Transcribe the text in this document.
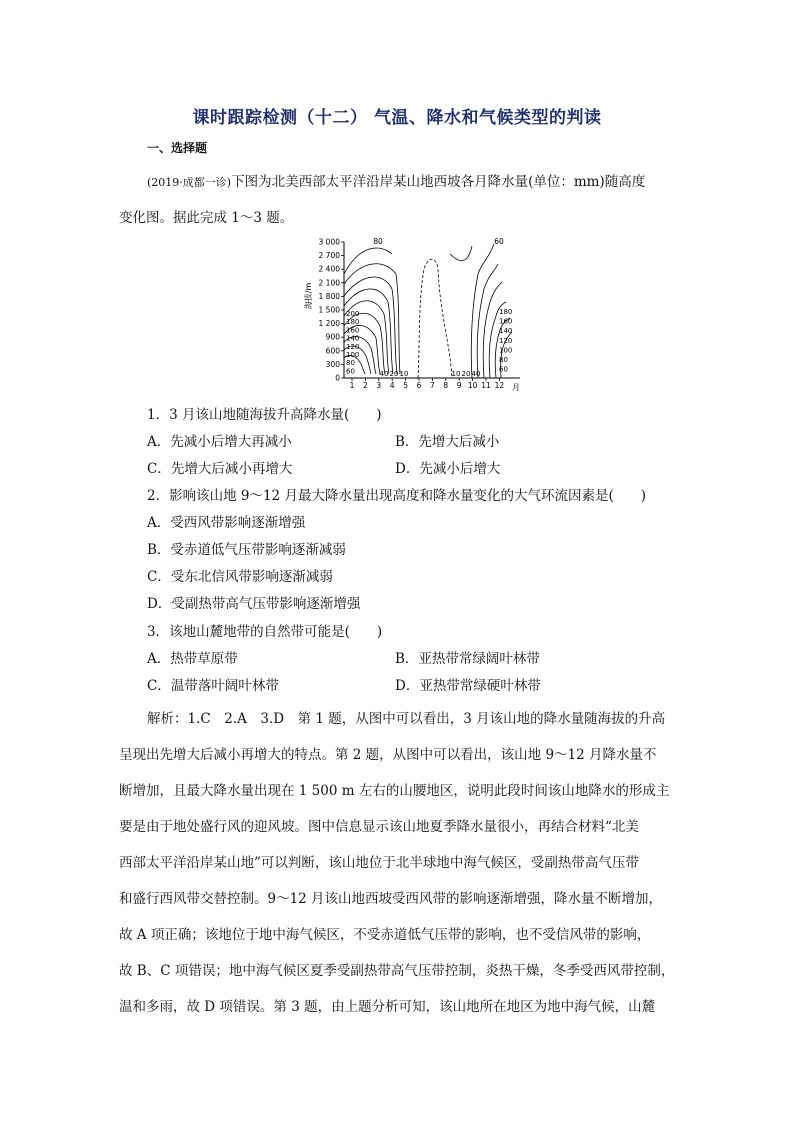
课时跟踪检测（十二） 气温、降水和气候类型的判读
一、选择题
(2019·成都一诊)下图为北美西部太平洋沿岸某山地西坡各月降水量(单位：mm)随高度
变化图。据此完成 1～3 题。
3 000
2 700
2 400
2 100
1 800
1 500
1 200
900
600
300
0
1 2 3 4 5 6 7 8 9 10 11 12
海拔/m
月
200
180
160
140
120
100
80
60
180
160
140
120
100
80
60
40 20 10	10 20 40
80	60
1．3 月该山地随海拔升高降水量(　　)
A．先减小后增大再减小	B．先增大后减小
C．先增大后减小再增大	D．先减小后增大
2．影响该山地 9～12 月最大降水量出现高度和降水量变化的大气环流因素是(　　)
A．受西风带影响逐渐增强
B．受赤道低气压带影响逐渐减弱
C．受东北信风带影响逐渐减弱
D．受副热带高气压带影响逐渐增强
3．该地山麓地带的自然带可能是(　　)
A．热带草原带	B．亚热带常绿阔叶林带
C．温带落叶阔叶林带	D．亚热带常绿硬叶林带
解析：1.C　2.A　3.D　第 1 题，从图中可以看出，3 月该山地的降水量随海拔的升高
呈现出先增大后减小再增大的特点。第 2 题，从图中可以看出，该山地 9～12 月降水量不
断增加，且最大降水量出现在 1 500 m 左右的山腰地区，说明此段时间该山地降水的形成主
要是由于地处盛行风的迎风坡。图中信息显示该山地夏季降水量很小，再结合材料“北美
西部太平洋沿岸某山地”可以判断，该山地位于北半球地中海气候区，受副热带高气压带
和盛行西风带交替控制。9～12 月该山地西坡受西风带的影响逐渐增强，降水量不断增加，
故 A 项正确；该地位于地中海气候区，不受赤道低气压带的影响，也不受信风带的影响，
故 B、C 项错误；地中海气候区夏季受副热带高气压带控制，炎热干燥，冬季受西风带控制，
温和多雨，故 D 项错误。第 3 题，由上题分析可知，该山地所在地区为地中海气候，山麓
